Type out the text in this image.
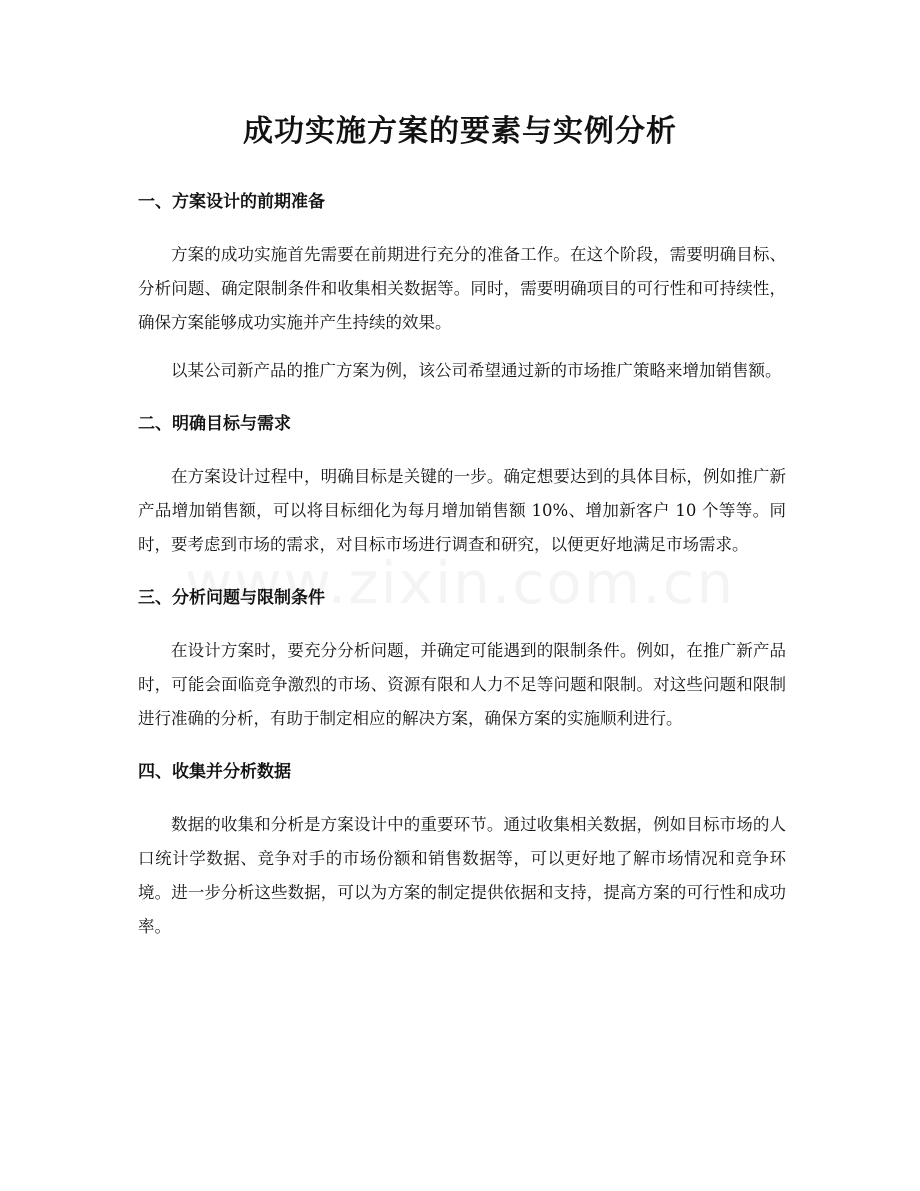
成功实施方案的要素与实例分析
一、方案设计的前期准备

方案的成功实施首先需要在前期进行充分的准备工作。在这个阶段，需要明确目标、分析问题、确定限制条件和收集相关数据等。同时，需要明确项目的可行性和可持续性，确保方案能够成功实施并产生持续的效果。

以某公司新产品的推广方案为例，该公司希望通过新的市场推广策略来增加销售额。

二、明确目标与需求

在方案设计过程中，明确目标是关键的一步。确定想要达到的具体目标，例如推广新产品增加销售额，可以将目标细化为每月增加销售额 10%、增加新客户 10 个等等。同时，要考虑到市场的需求，对目标市场进行调查和研究，以便更好地满足市场需求。

三、分析问题与限制条件

在设计方案时，要充分分析问题，并确定可能遇到的限制条件。例如，在推广新产品时，可能会面临竞争激烈的市场、资源有限和人力不足等问题和限制。对这些问题和限制进行准确的分析，有助于制定相应的解决方案，确保方案的实施顺利进行。

四、收集并分析数据

数据的收集和分析是方案设计中的重要环节。通过收集相关数据，例如目标市场的人口统计学数据、竞争对手的市场份额和销售数据等，可以更好地了解市场情况和竞争环境。进一步分析这些数据，可以为方案的制定提供依据和支持，提高方案的可行性和成功率。
